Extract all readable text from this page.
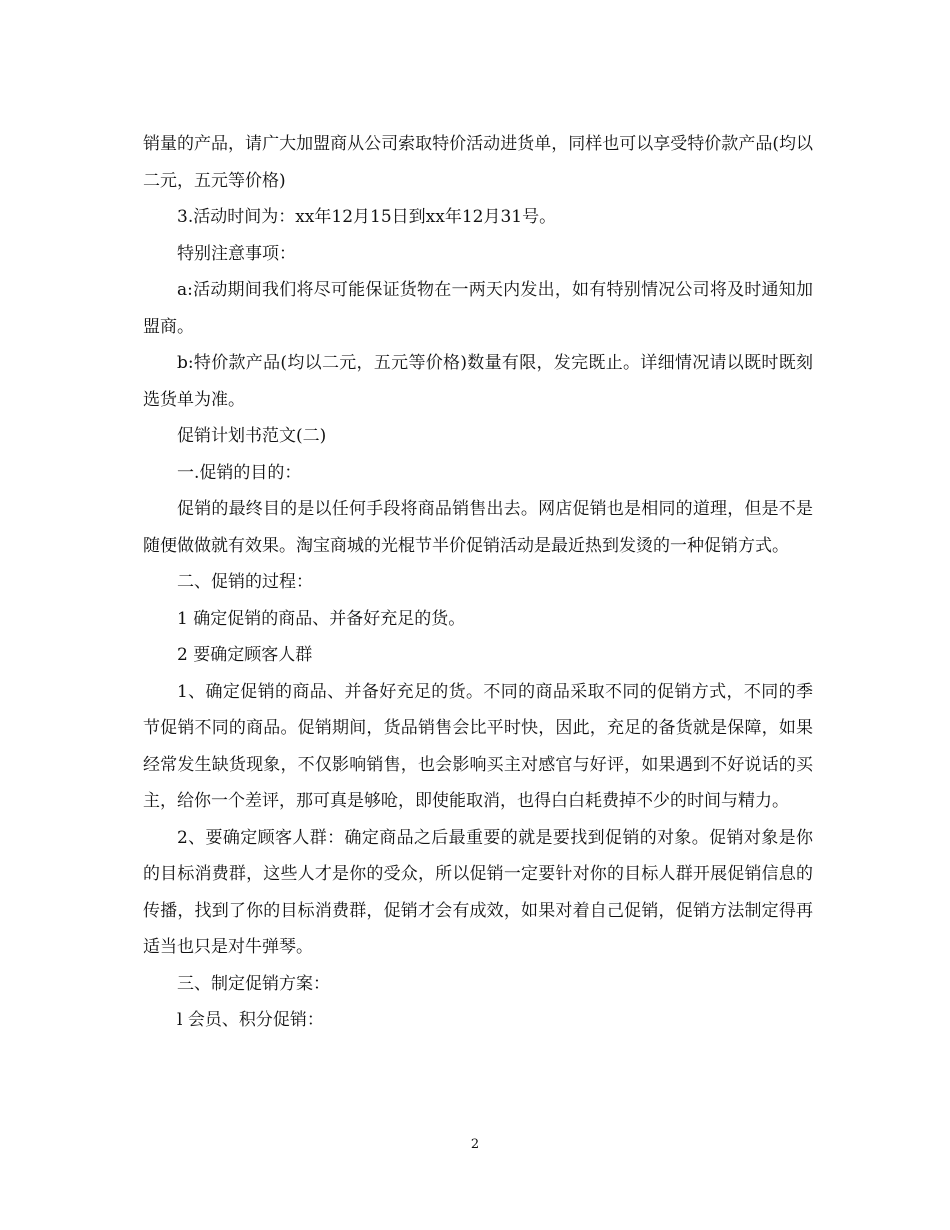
销量的产品，请广大加盟商从公司索取特价活动进货单，同样也可以享受特价款产品(均以二元，五元等价格)

3.活动时间为：xx年12月15日到xx年12月31号。

特别注意事项：

a:活动期间我们将尽可能保证货物在一两天内发出，如有特别情况公司将及时通知加盟商。

b:特价款产品(均以二元，五元等价格)数量有限，发完既止。详细情况请以既时既刻选货单为准。

促销计划书范文(二)

一.促销的目的：

促销的最终目的是以任何手段将商品销售出去。网店促销也是相同的道理，但是不是随便做做就有效果。淘宝商城的光棍节半价促销活动是最近热到发烫的一种促销方式。

二、促销的过程：

1 确定促销的商品、并备好充足的货。

2 要确定顾客人群

1、确定促销的商品、并备好充足的货。不同的商品采取不同的促销方式，不同的季节促销不同的商品。促销期间，货品销售会比平时快，因此，充足的备货就是保障，如果经常发生缺货现象，不仅影响销售，也会影响买主对感官与好评，如果遇到不好说话的买主，给你一个差评，那可真是够呛，即使能取消，也得白白耗费掉不少的时间与精力。

2、要确定顾客人群：确定商品之后最重要的就是要找到促销的对象。促销对象是你的目标消费群，这些人才是你的受众，所以促销一定要针对你的目标人群开展促销信息的传播，找到了你的目标消费群，促销才会有成效，如果对着自己促销，促销方法制定得再适当也只是对牛弹琴。

三、制定促销方案：

l 会员、积分促销：

2
